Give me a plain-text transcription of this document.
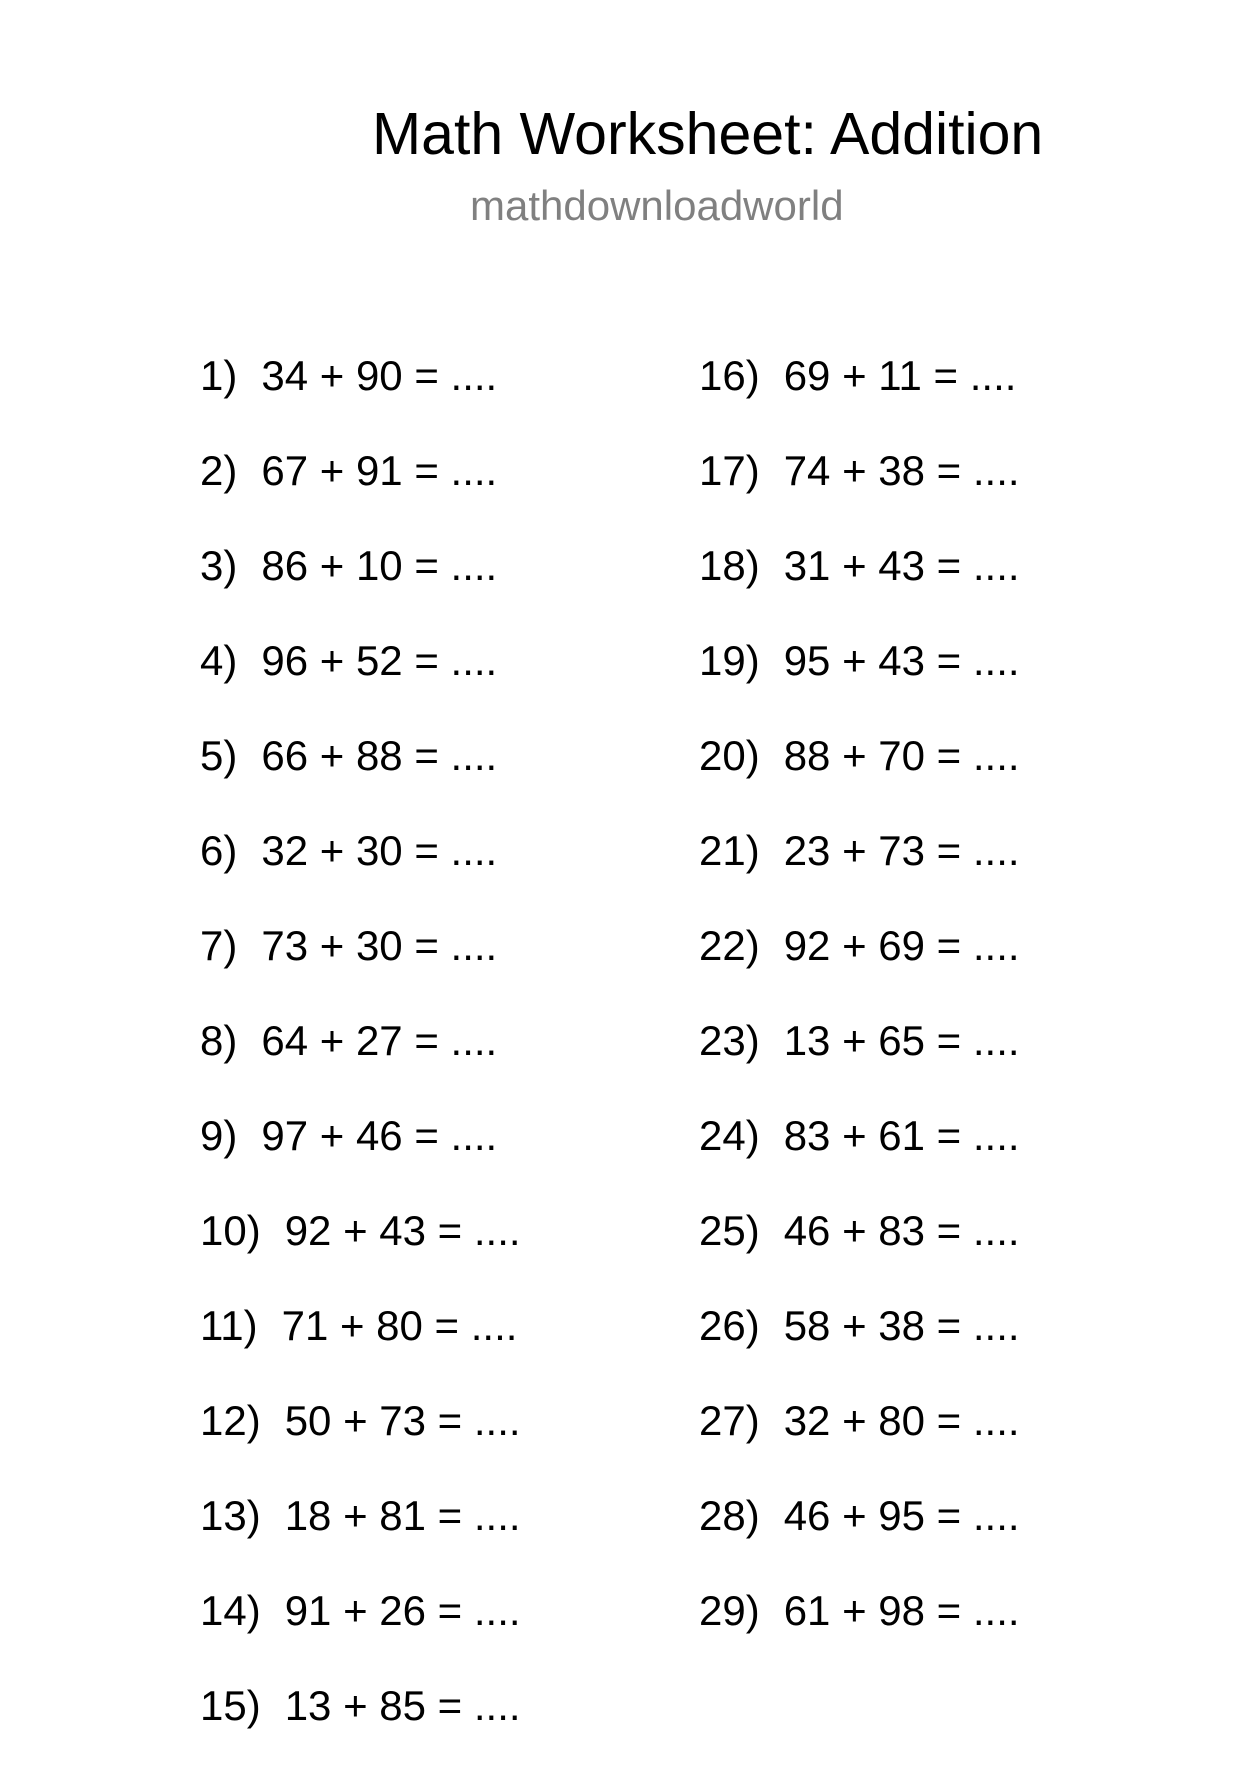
Math Worksheet: Addition
mathdownloadworld
1) 34 + 90 = ....
2) 67 + 91 = ....
3) 86 + 10 = ....
4) 96 + 52 = ....
5) 66 + 88 = ....
6) 32 + 30 = ....
7) 73 + 30 = ....
8) 64 + 27 = ....
9) 97 + 46 = ....
10) 92 + 43 = ....
11) 71 + 80 = ....
12) 50 + 73 = ....
13) 18 + 81 = ....
14) 91 + 26 = ....
15) 13 + 85 = ....
16) 69 + 11 = ....
17) 74 + 38 = ....
18) 31 + 43 = ....
19) 95 + 43 = ....
20) 88 + 70 = ....
21) 23 + 73 = ....
22) 92 + 69 = ....
23) 13 + 65 = ....
24) 83 + 61 = ....
25) 46 + 83 = ....
26) 58 + 38 = ....
27) 32 + 80 = ....
28) 46 + 95 = ....
29) 61 + 98 = ....
